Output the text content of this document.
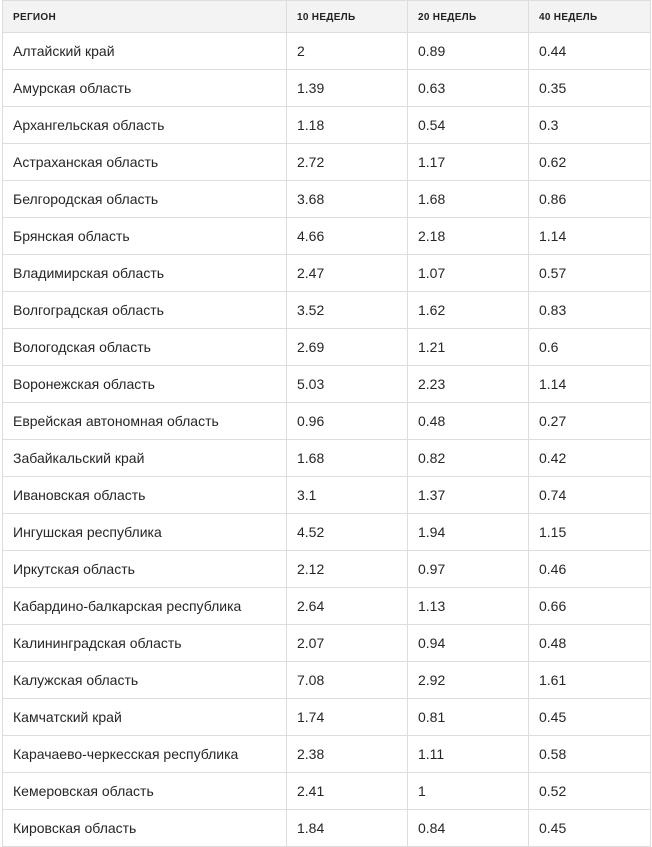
РЕГИОН	10 НЕДЕЛЬ	20 НЕДЕЛЬ	40 НЕДЕЛЬ
Алтайский край	2	0.89	0.44
Амурская область	1.39	0.63	0.35
Архангельская область	1.18	0.54	0.3
Астраханская область	2.72	1.17	0.62
Белгородская область	3.68	1.68	0.86
Брянская область	4.66	2.18	1.14
Владимирская область	2.47	1.07	0.57
Волгоградская область	3.52	1.62	0.83
Вологодская область	2.69	1.21	0.6
Воронежская область	5.03	2.23	1.14
Еврейская автономная область	0.96	0.48	0.27
Забайкальский край	1.68	0.82	0.42
Ивановская область	3.1	1.37	0.74
Ингушская республика	4.52	1.94	1.15
Иркутская область	2.12	0.97	0.46
Кабардино-балкарская республика	2.64	1.13	0.66
Калининградская область	2.07	0.94	0.48
Калужская область	7.08	2.92	1.61
Камчатский край	1.74	0.81	0.45
Карачаево-черкесская республика	2.38	1.11	0.58
Кемеровская область	2.41	1	0.52
Кировская область	1.84	0.84	0.45
